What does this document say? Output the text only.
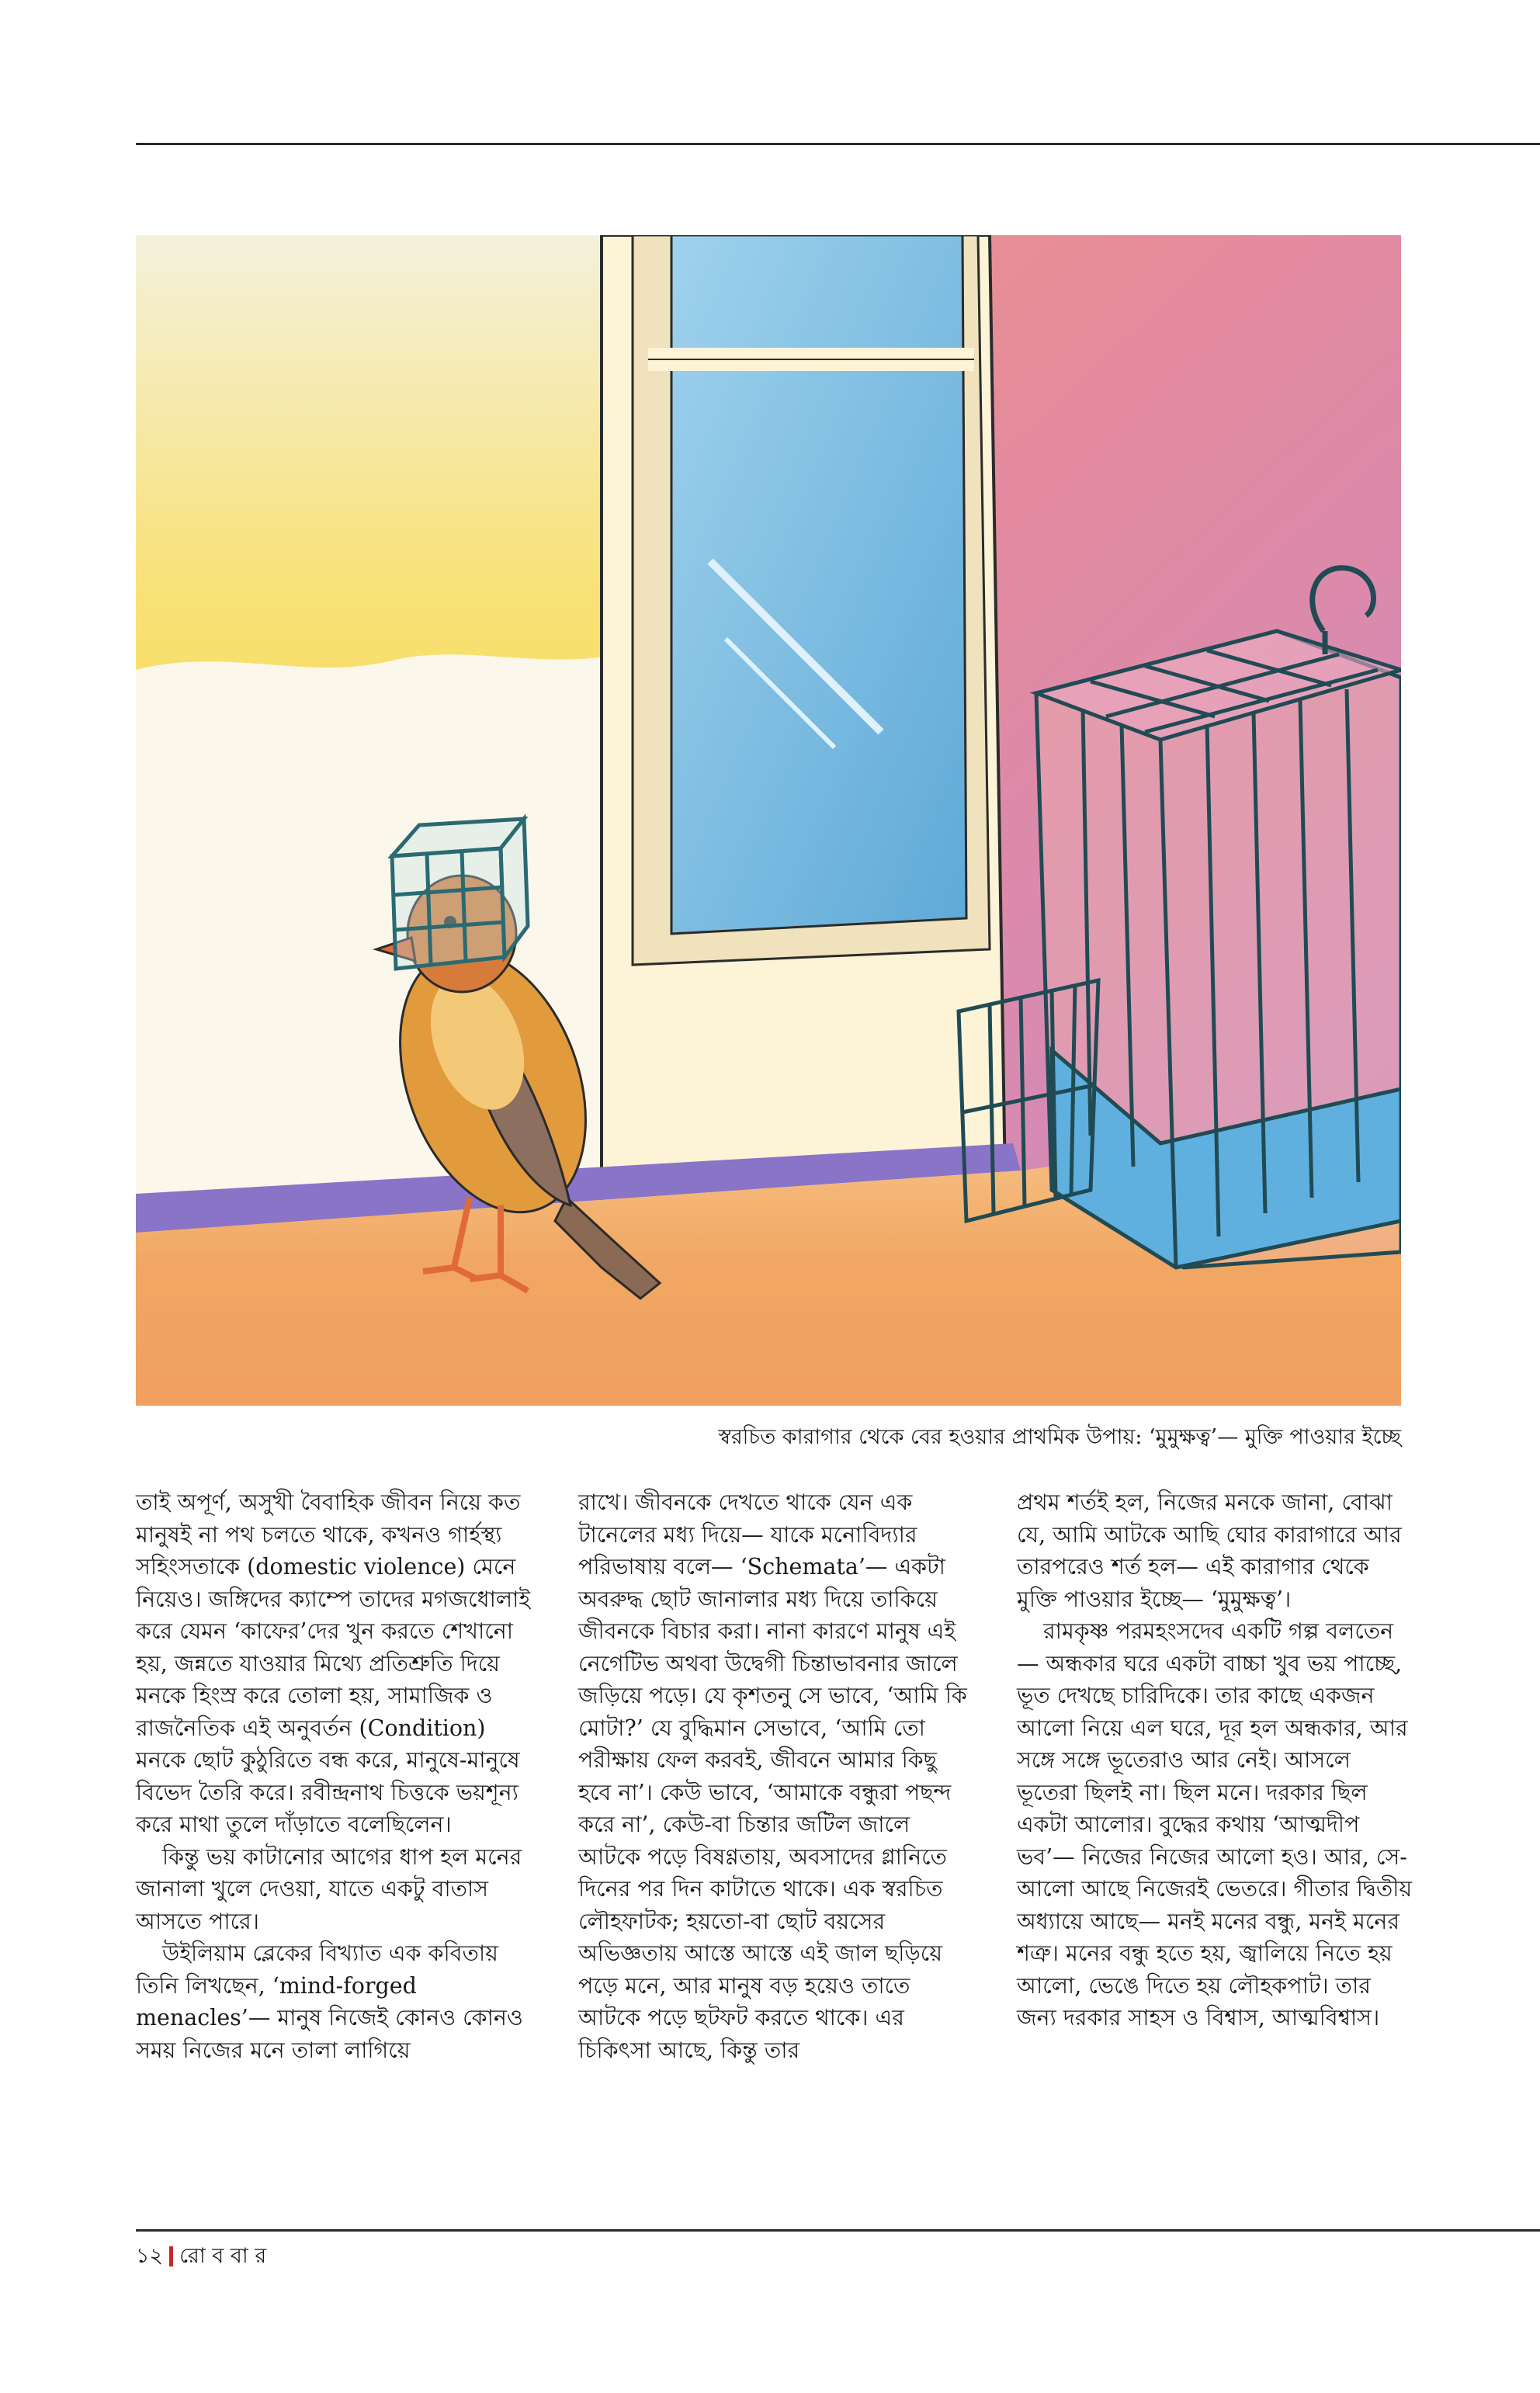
স্বরচিত কারাগার থেকে বের হওয়ার প্রাথমিক উপায়: ‘মুমুক্ষত্ব’— মুক্তি পাওয়ার ইচ্ছে

তাই অপূর্ণ, অসুখী বৈবাহিক জীবন নিয়ে কত মানুষই না পথ চলতে থাকে, কখনও গার্হস্থ্য সহিংসতাকে (domestic violence) মেনে নিয়েও। জঙ্গিদের ক্যাম্পে তাদের মগজধোলাই করে যেমন ‘কাফের’দের খুন করতে শেখানো হয়, জন্নতে যাওয়ার মিথ্যে প্রতিশ্রুতি দিয়ে মনকে হিংস্র করে তোলা হয়, সামাজিক ও রাজনৈতিক এই অনুবর্তন (Condition) মনকে ছোট কুঠুরিতে বন্ধ করে, মানুষে-মানুষে বিভেদ তৈরি করে। রবীন্দ্রনাথ চিত্তকে ভয়শূন্য করে মাথা তুলে দাঁড়াতে বলেছিলেন।

কিন্তু ভয় কাটানোর আগের ধাপ হল মনের জানালা খুলে দেওয়া, যাতে একটু বাতাস আসতে পারে।

উইলিয়াম ব্লেকের বিখ্যাত এক কবিতায় তিনি লিখছেন, ‘mind-forged menacles’— মানুষ নিজেই কোনও কোনও সময় নিজের মনে তালা লাগিয়ে

রাখে। জীবনকে দেখতে থাকে যেন এক টানেলের মধ্য দিয়ে— যাকে মনোবিদ্যার পরিভাষায় বলে— ‘Schemata’— একটা অবরুদ্ধ ছোট জানালার মধ্য দিয়ে তাকিয়ে জীবনকে বিচার করা। নানা কারণে মানুষ এই নেগেটিভ অথবা উদ্বেগী চিন্তাভাবনার জালে জড়িয়ে পড়ে। যে কৃশতনু সে ভাবে, ‘আমি কি মোটা?’ যে বুদ্ধিমান সেভাবে, ‘আমি তো পরীক্ষায় ফেল করবই, জীবনে আমার কিছু হবে না’। কেউ ভাবে, ‘আমাকে বন্ধুরা পছন্দ করে না’, কেউ-বা চিন্তার জটিল জালে আটকে পড়ে বিষণ্ণতায়, অবসাদের গ্লানিতে দিনের পর দিন কাটাতে থাকে। এক স্বরচিত লৌহফাটক; হয়তো-বা ছোট বয়সের অভিজ্ঞতায় আস্তে আস্তে এই জাল ছড়িয়ে পড়ে মনে, আর মানুষ বড় হয়েও তাতে আটকে পড়ে ছটফট করতে থাকে। এর চিকিৎসা আছে, কিন্তু তার

প্রথম শর্তই হল, নিজের মনকে জানা, বোঝা যে, আমি আটকে আছি ঘোর কারাগারে আর তারপরেও শর্ত হল— এই কারাগার থেকে মুক্তি পাওয়ার ইচ্ছে— ‘মুমুক্ষত্ব’।

রামকৃষ্ণ পরমহংসদেব একটি গল্প বলতেন— অন্ধকার ঘরে একটা বাচ্চা খুব ভয় পাচ্ছে, ভূত দেখছে চারিদিকে। তার কাছে একজন আলো নিয়ে এল ঘরে, দূর হল অন্ধকার, আর সঙ্গে সঙ্গে ভূতেরাও আর নেই। আসলে ভূতেরা ছিলই না। ছিল মনে। দরকার ছিল একটা আলোর। বুদ্ধের কথায় ‘আত্মদীপ ভব’— নিজের নিজের আলো হও। আর, সে-আলো আছে নিজেরই ভেতরে। গীতার দ্বিতীয় অধ্যায়ে আছে— মনই মনের বন্ধু, মনই মনের শত্রু। মনের বন্ধু হতে হয়, জ্বালিয়ে নিতে হয় আলো, ভেঙে দিতে হয় লৌহকপাট। তার জন্য দরকার সাহস ও বিশ্বাস, আত্মবিশ্বাস।

১২ রো ব বা র
